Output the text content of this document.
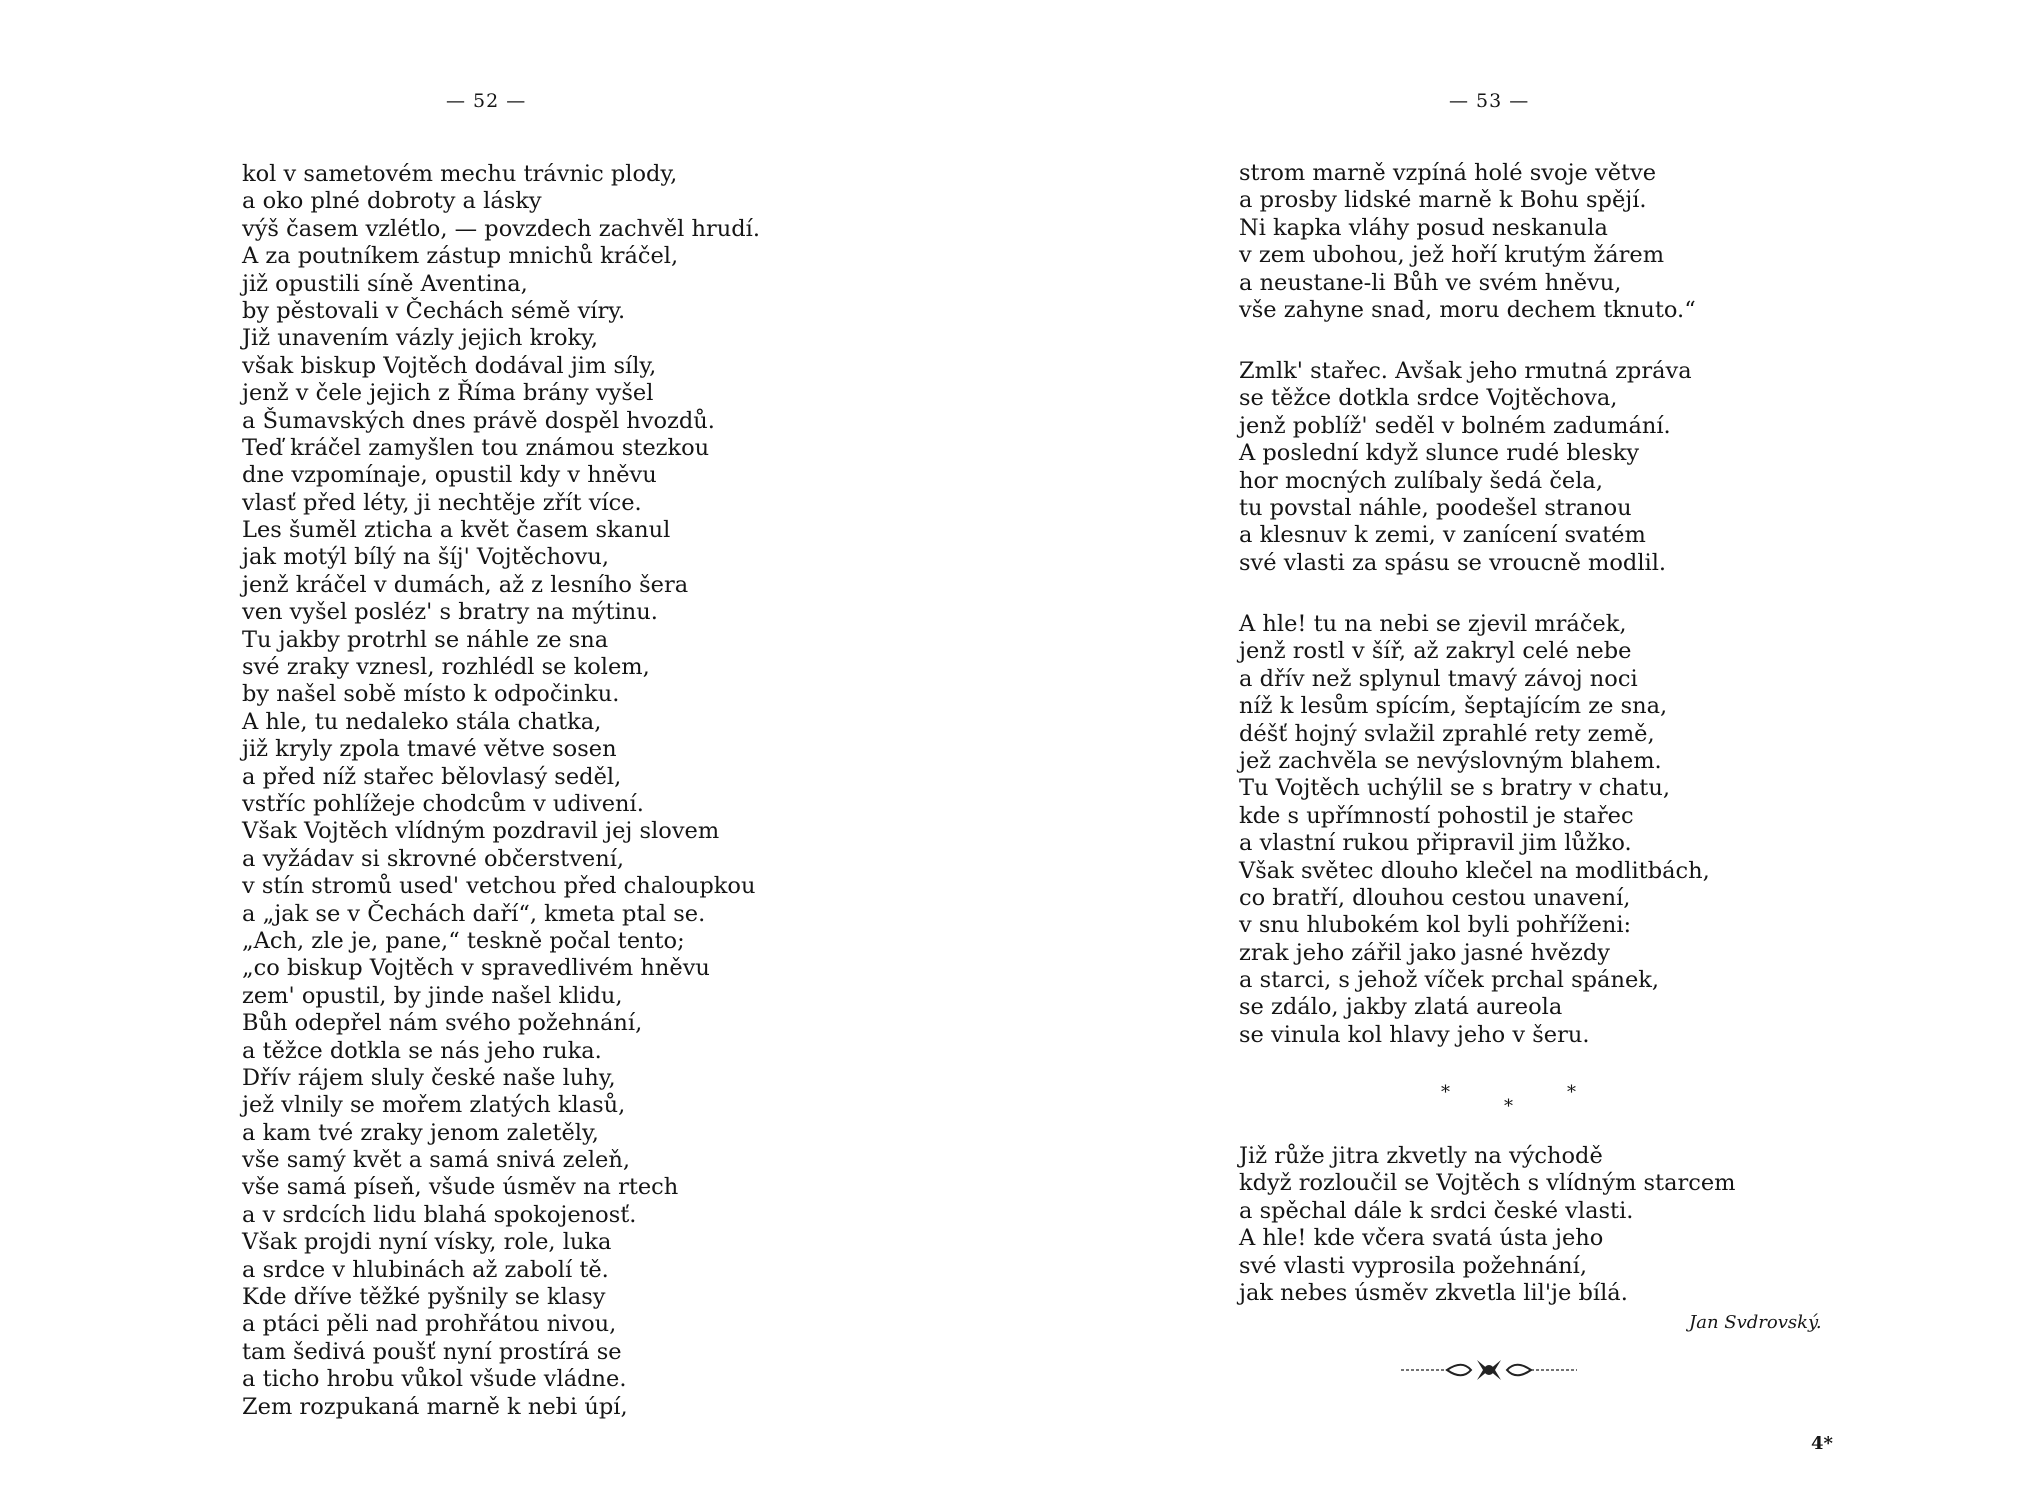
— 52 —
kol v sametovém mechu trávnic plody,
a oko plné dobroty a lásky
výš časem vzlétlo, — povzdech zachvěl hrudí.
A za poutníkem zástup mnichů kráčel,
již opustili síně Aventina,
by pěstovali v Čechách sémě víry.
Již unavením vázly jejich kroky,
však biskup Vojtěch dodával jim síly,
jenž v čele jejich z Říma brány vyšel
a Šumavských dnes právě dospěl hvozdů.
Teď kráčel zamyšlen tou známou stezkou
dne vzpomínaje, opustil kdy v hněvu
vlasť před léty, ji nechtěje zřít více.
Les šuměl zticha a květ časem skanul
jak motýl bílý na šíj' Vojtěchovu,
jenž kráčel v dumách, až z lesního šera
ven vyšel posléz' s bratry na mýtinu.
Tu jakby protrhl se náhle ze sna
své zraky vznesl, rozhlédl se kolem,
by našel sobě místo k odpočinku.
A hle, tu nedaleko stála chatka,
již kryly zpola tmavé větve sosen
a před níž stařec bělovlasý seděl,
vstříc pohlížeje chodcům v udivení.
Však Vojtěch vlídným pozdravil jej slovem
a vyžádav si skrovné občerstvení,
v stín stromů used' vetchou před chaloupkou
a „jak se v Čechách daří“, kmeta ptal se.
„Ach, zle je, pane,“ teskně počal tento;
„co biskup Vojtěch v spravedlivém hněvu
zem' opustil, by jinde našel klidu,
Bůh odepřel nám svého požehnání,
a těžce dotkla se nás jeho ruka.
Dřív rájem sluly české naše luhy,
jež vlnily se mořem zlatých klasů,
a kam tvé zraky jenom zaletěly,
vše samý květ a samá snivá zeleň,
vše samá píseň, všude úsměv na rtech
a v srdcích lidu blahá spokojenosť.
Však projdi nyní vísky, role, luka
a srdce v hlubinách až zabolí tě.
Kde dříve těžké pyšnily se klasy
a ptáci pěli nad prohřátou nivou,
tam šedivá poušť nyní prostírá se
a ticho hrobu vůkol všude vládne.
Zem rozpukaná marně k nebi úpí,
— 53 —
strom marně vzpíná holé svoje větve
a prosby lidské marně k Bohu spějí.
Ni kapka vláhy posud neskanula
v zem ubohou, jež hoří krutým žárem
a neustane-li Bůh ve svém hněvu,
vše zahyne snad, moru dechem tknuto.“
Zmlk' stařec. Avšak jeho rmutná zpráva
se těžce dotkla srdce Vojtěchova,
jenž poblíž' seděl v bolném zadumání.
A poslední když slunce rudé blesky
hor mocných zulíbaly šedá čela,
tu povstal náhle, poodešel stranou
a klesnuv k zemi, v zanícení svatém
své vlasti za spásu se vroucně modlil.
A hle! tu na nebi se zjevil mráček,
jenž rostl v šíř, až zakryl celé nebe
a dřív než splynul tmavý závoj noci
níž k lesům spícím, šeptajícím ze sna,
déšť hojný svlažil zprahlé rety země,
jež zachvěla se nevýslovným blahem.
Tu Vojtěch uchýlil se s bratry v chatu,
kde s upřímností pohostil je stařec
a vlastní rukou připravil jim lůžko.
Však světec dlouho klečel na modlitbách,
co bratří, dlouhou cestou unavení,
v snu hlubokém kol byli pohříženi:
zrak jeho zářil jako jasné hvězdy
a starci, s jehož víček prchal spánek,
se zdálo, jakby zlatá aureola
se vinula kol hlavy jeho v šeru.
*
*
*
Již růže jitra zkvetly na východě
když rozloučil se Vojtěch s vlídným starcem
a spěchal dále k srdci české vlasti.
A hle! kde včera svatá ústa jeho
své vlasti vyprosila požehnání,
jak nebes úsměv zkvetla lil'je bílá.
Jan Svdrovský.
4*
